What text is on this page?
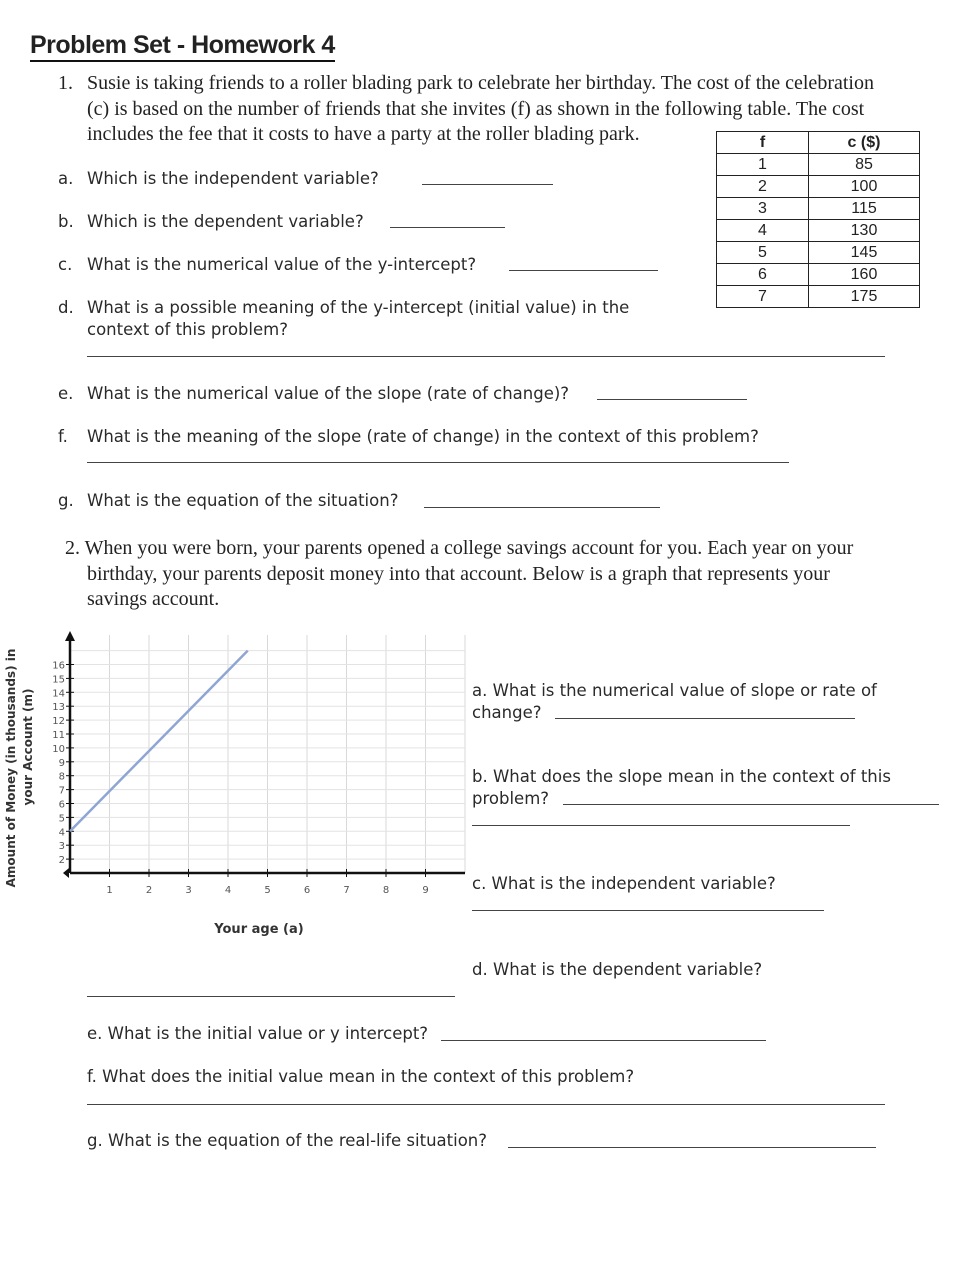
Problem Set - Homework 4
1. Susie is taking friends to a roller blading park to celebrate her birthday. The cost of the celebration
(c) is based on the number of friends that she invites (f) as shown in the following table. The cost
includes the fee that it costs to have a party at the roller blading park.	f	c ($)
1	85
2	100
3	115
4	130
5	145
6	160
7	175
a. Which is the independent variable?
b. Which is the dependent variable?
c. What is the numerical value of the y-intercept?
d. What is a possible meaning of the y-intercept (initial value) in the
context of this problem?
e. What is the numerical value of the slope (rate of change)?
f. What is the meaning of the slope (rate of change) in the context of this problem?
g. What is the equation of the situation?
2. When you were born, your parents opened a college savings account for you. Each year on your
birthday, your parents deposit money into that account. Below is a graph that represents your
savings account.
1	2	3	4	5	6	7	8	9
2
3
4
5
6
7
8
9
10
11
12
13
14
15
16
Your age (a)
Amount of Money (in thousands) in your Account (m)	a. What is the numerical value of slope or rate of
change?
b. What does the slope mean in the context of this
problem?
c. What is the independent variable?
d. What is the dependent variable?
e. What is the initial value or y intercept?
f. What does the initial value mean in the context of this problem?
g. What is the equation of the real-life situation?
